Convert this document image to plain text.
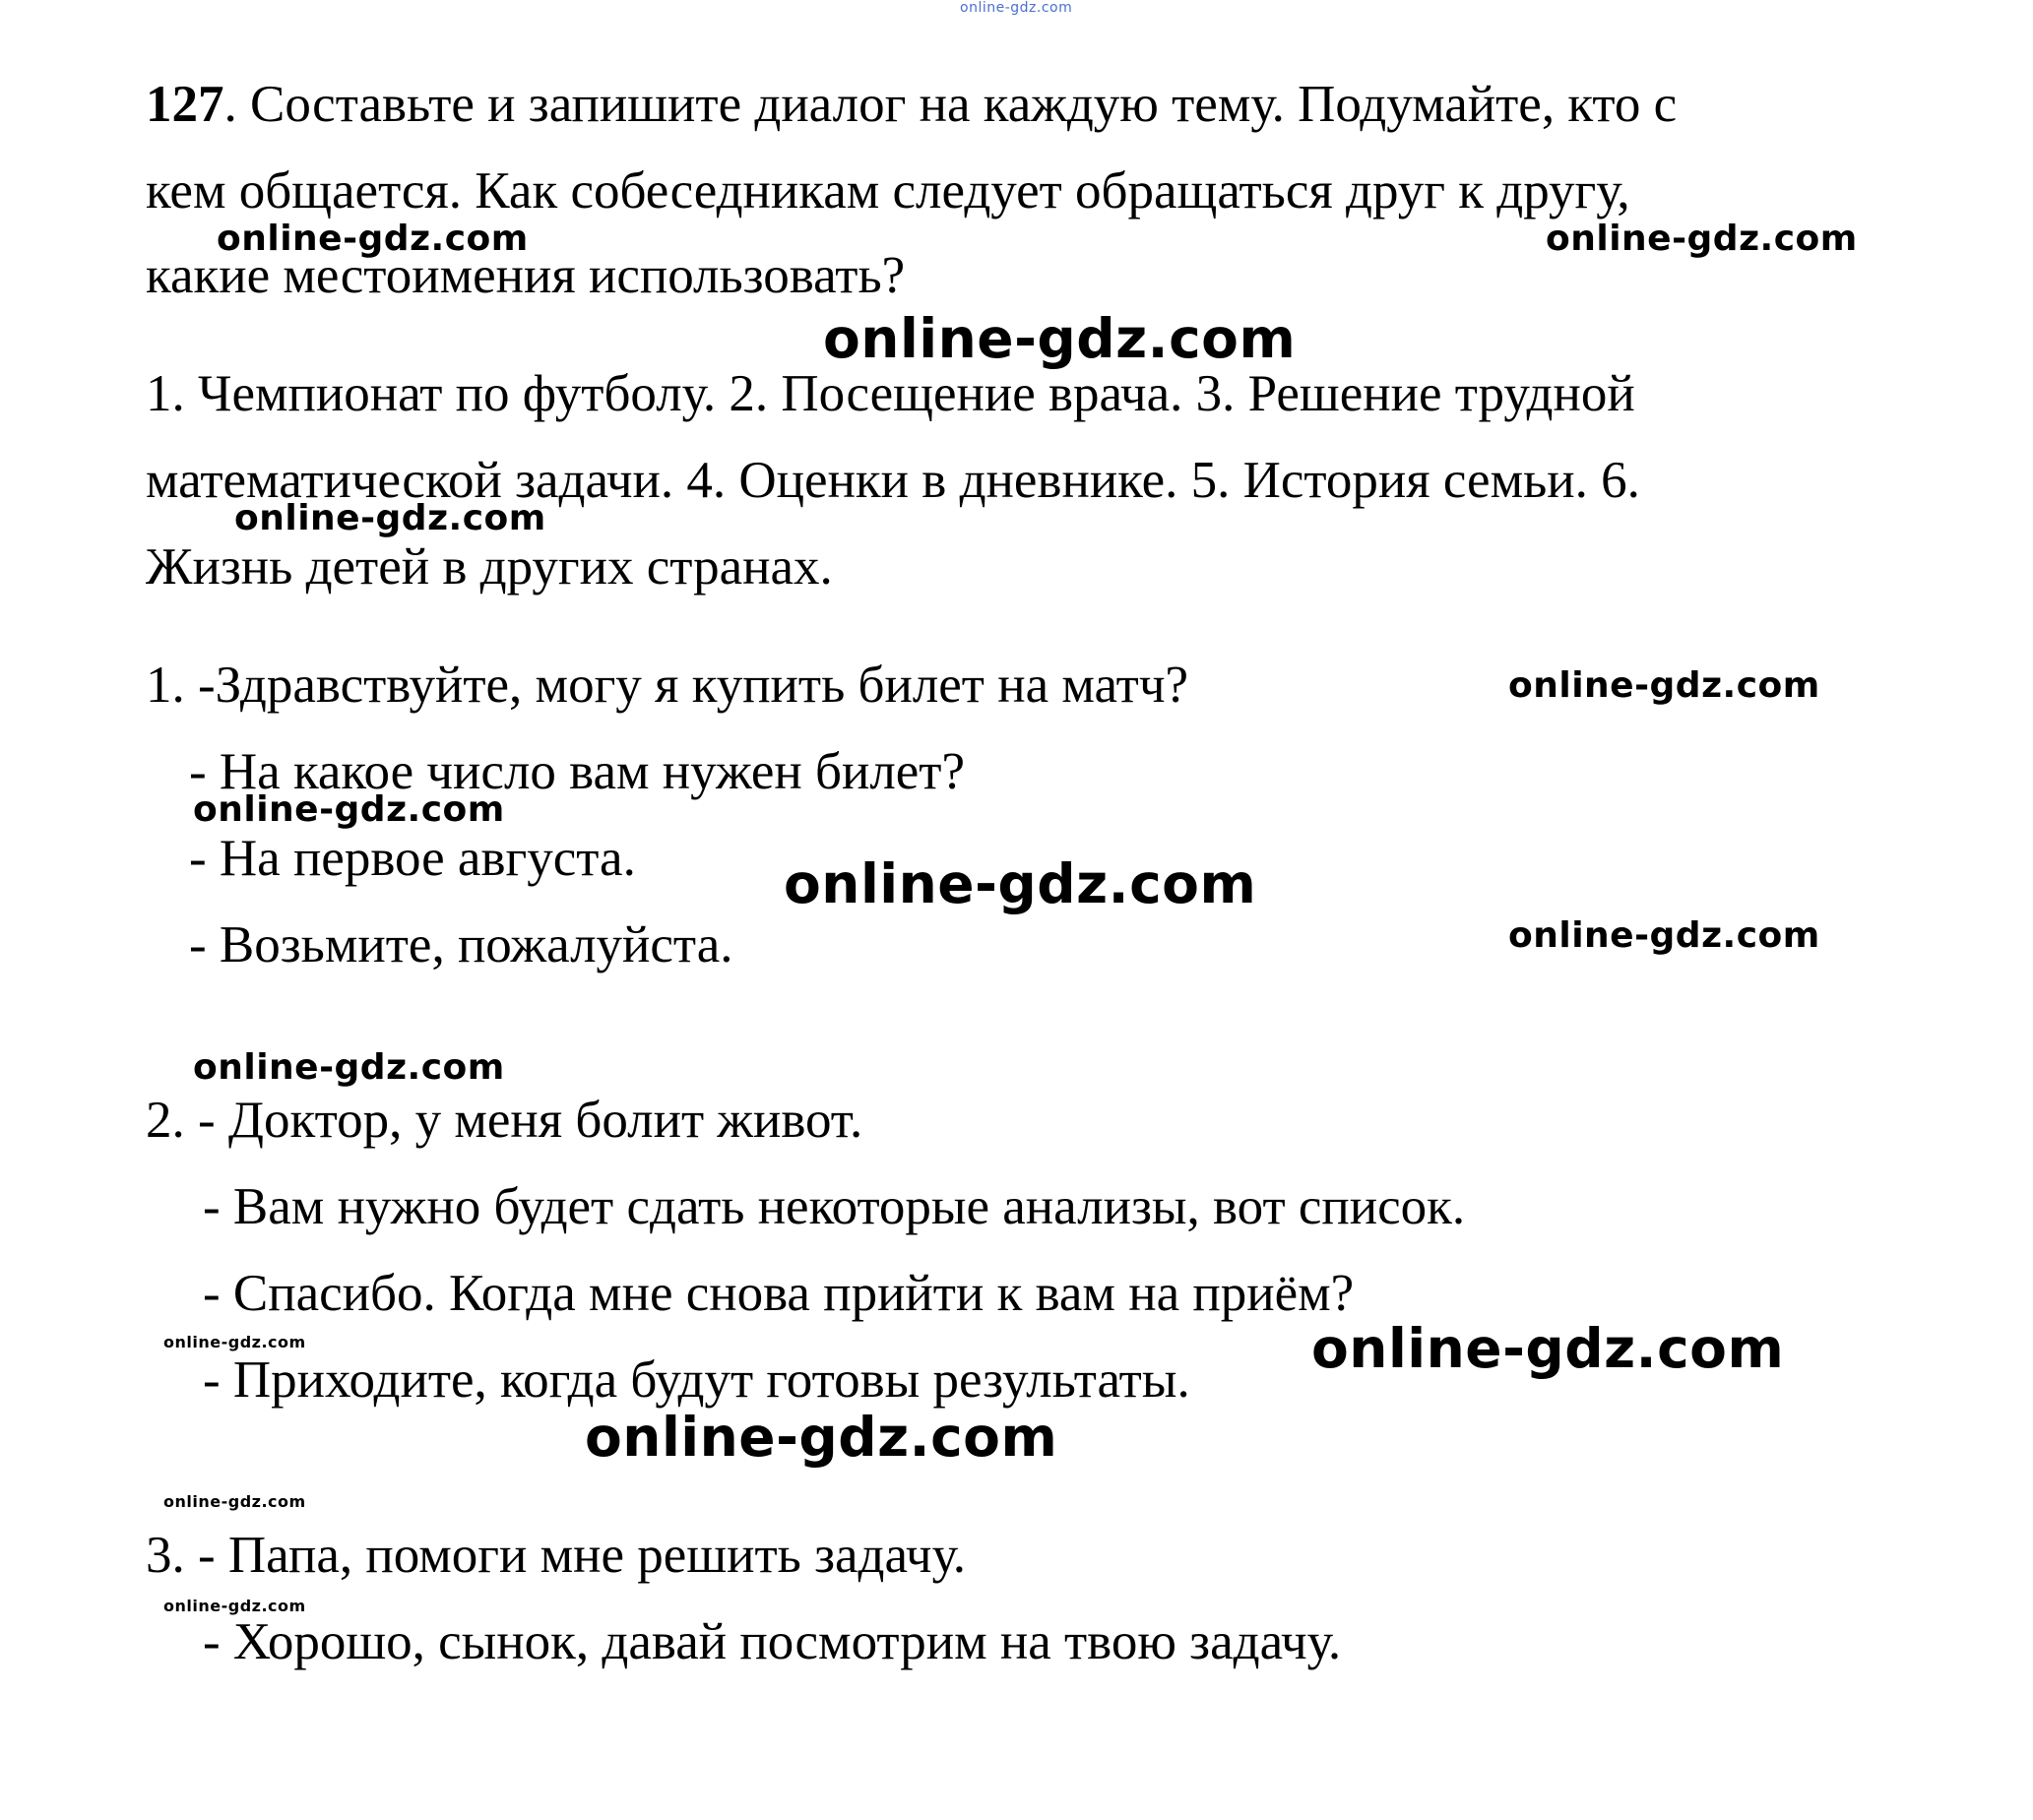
online-gdz.com

127. Составьте и запишите диалог на каждую тему. Подумайте, кто с

кем общается. Как собеседникам следует обращаться друг к другу,

какие местоимения использовать?

1. Чемпионат по футболу. 2. Посещение врача. 3. Решение трудной

математической задачи. 4. Оценки в дневнике. 5. История семьи. 6.

Жизнь детей в других странах.

1. -Здравствуйте, могу я купить билет на матч?

- На какое число вам нужен билет?

- На первое августа.

- Возьмите, пожалуйста.

2. - Доктор, у меня болит живот.

- Вам нужно будет сдать некоторые анализы, вот список.

- Спасибо. Когда мне снова прийти к вам на приём?

- Приходите, когда будут готовы результаты.

3. - Папа, помоги мне решить задачу.

- Хорошо, сынок, давай посмотрим на твою задачу.

online-gdz.com	online-gdz.com
online-gdz.com
online-gdz.com
online-gdz.com
online-gdz.com
online-gdz.com
online-gdz.com
online-gdz.com
online-gdz.com	online-gdz.com
online-gdz.com
online-gdz.com
online-gdz.com
